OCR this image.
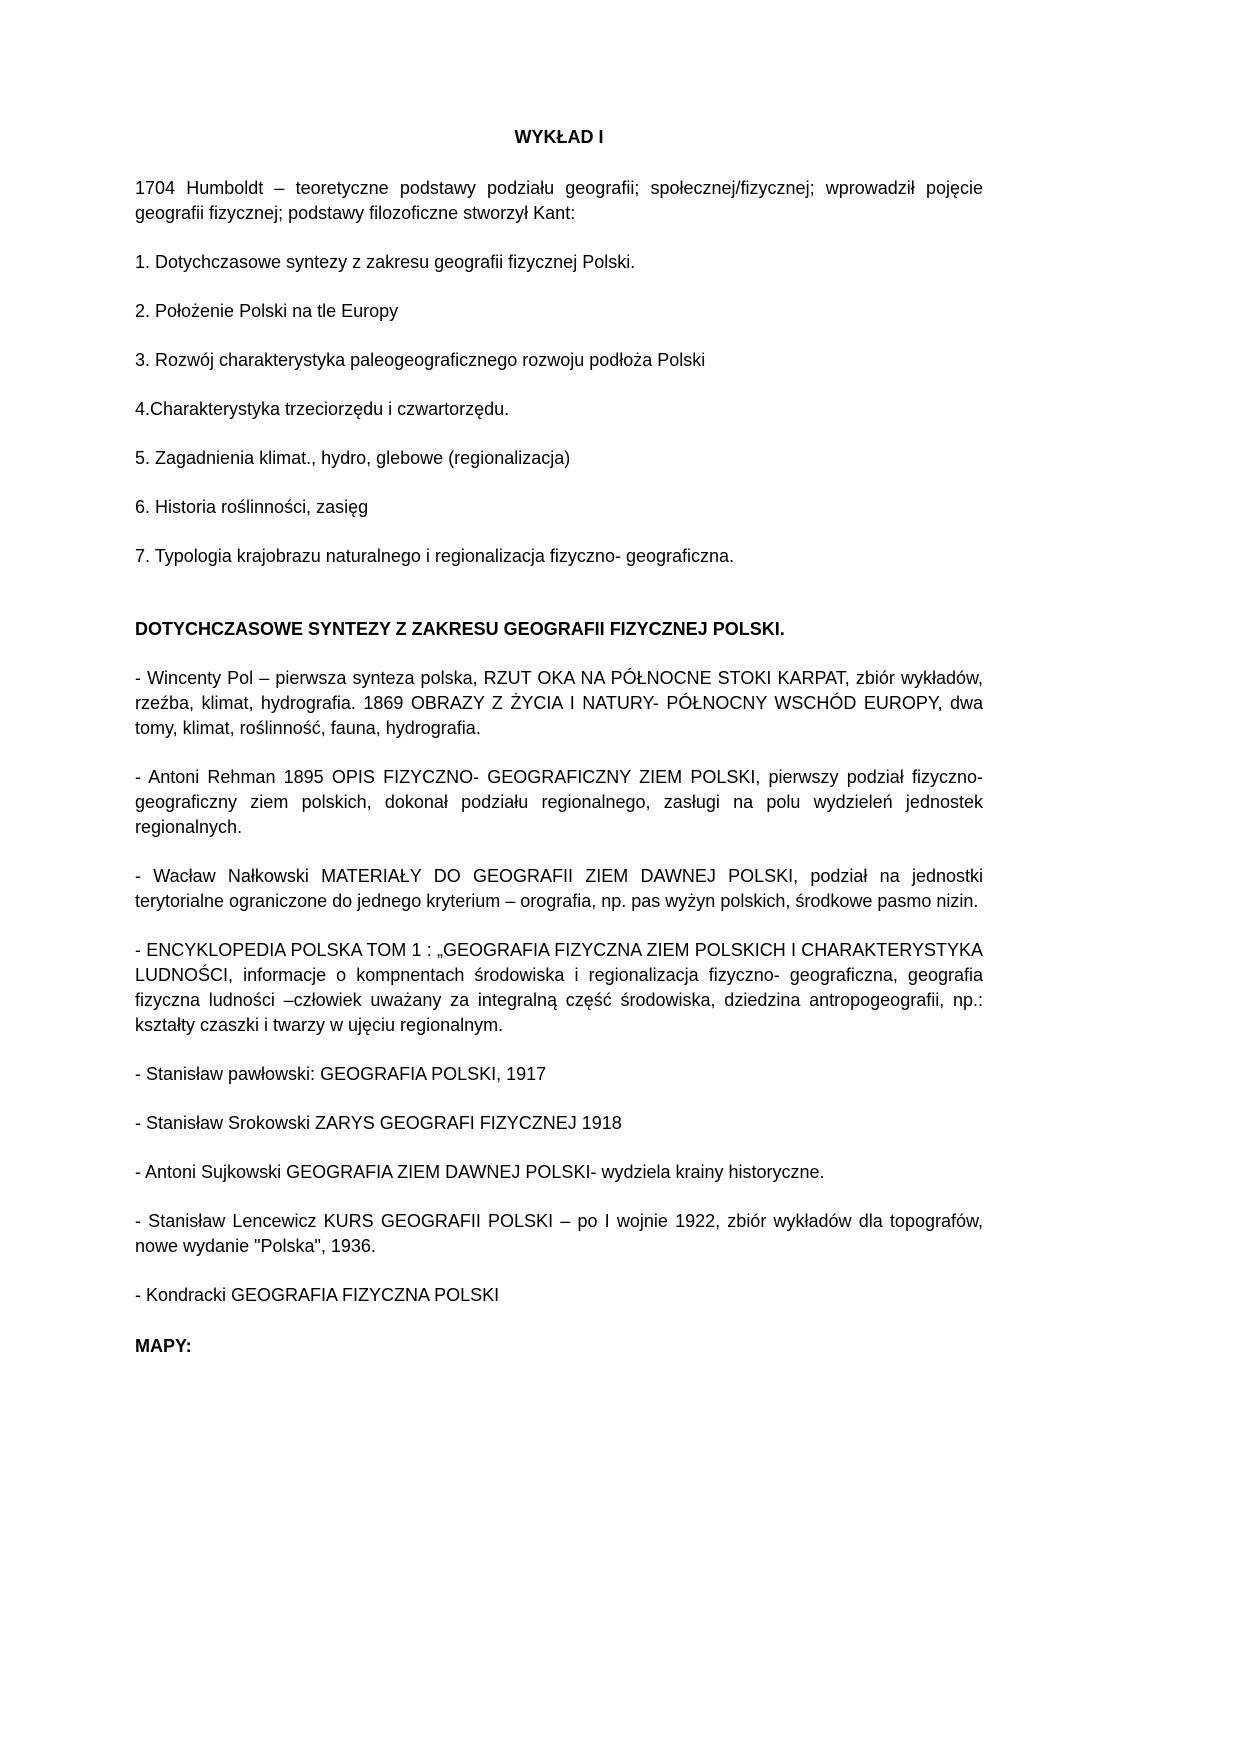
WYKŁAD I

1704 Humboldt – teoretyczne podstawy podziału geografii; społecznej/fizycznej; wprowadził pojęcie geografii fizycznej; podstawy filozoficzne stworzył Kant:

1. Dotychczasowe syntezy z zakresu geografii fizycznej Polski.

2. Położenie Polski na tle Europy

3. Rozwój charakterystyka paleogeograficznego rozwoju podłoża Polski

4.Charakterystyka trzeciorzędu i czwartorzędu.

5. Zagadnienia klimat., hydro, glebowe (regionalizacja)

6. Historia roślinności, zasięg

7. Typologia krajobrazu naturalnego i regionalizacja fizyczno- geograficzna.

DOTYCHCZASOWE SYNTEZY Z ZAKRESU GEOGRAFII FIZYCZNEJ POLSKI.

- Wincenty Pol – pierwsza synteza polska, RZUT OKA NA PÓŁNOCNE STOKI KARPAT, zbiór wykładów, rzeźba, klimat, hydrografia. 1869 OBRAZY Z ŻYCIA I NATURY- PÓŁNOCNY WSCHÓD EUROPY, dwa tomy, klimat, roślinność, fauna, hydrografia.

- Antoni Rehman 1895 OPIS FIZYCZNO- GEOGRAFICZNY ZIEM POLSKI, pierwszy podział fizyczno-geograficzny ziem polskich, dokonał podziału regionalnego, zasługi na polu wydzieleń jednostek regionalnych.

- Wacław Nałkowski MATERIAŁY DO GEOGRAFII ZIEM DAWNEJ POLSKI, podział na jednostki terytorialne ograniczone do jednego kryterium – orografia, np. pas wyżyn polskich, środkowe pasmo nizin.

- ENCYKLOPEDIA POLSKA TOM 1 : „GEOGRAFIA FIZYCZNA ZIEM POLSKICH I CHARAKTERYSTYKA LUDNOŚCI, informacje o kompnentach środowiska i regionalizacja fizyczno- geograficzna, geografia fizyczna ludności –człowiek uważany za integralną część środowiska, dziedzina antropogeografii, np.: kształty czaszki i twarzy w ujęciu regionalnym.

- Stanisław pawłowski: GEOGRAFIA POLSKI, 1917

- Stanisław Srokowski ZARYS GEOGRAFI FIZYCZNEJ 1918

- Antoni Sujkowski GEOGRAFIA ZIEM DAWNEJ POLSKI- wydziela krainy historyczne.

- Stanisław Lencewicz KURS GEOGRAFII POLSKI – po I wojnie 1922, zbiór wykładów dla topografów, nowe wydanie "Polska", 1936.

- Kondracki GEOGRAFIA FIZYCZNA POLSKI

MAPY:
